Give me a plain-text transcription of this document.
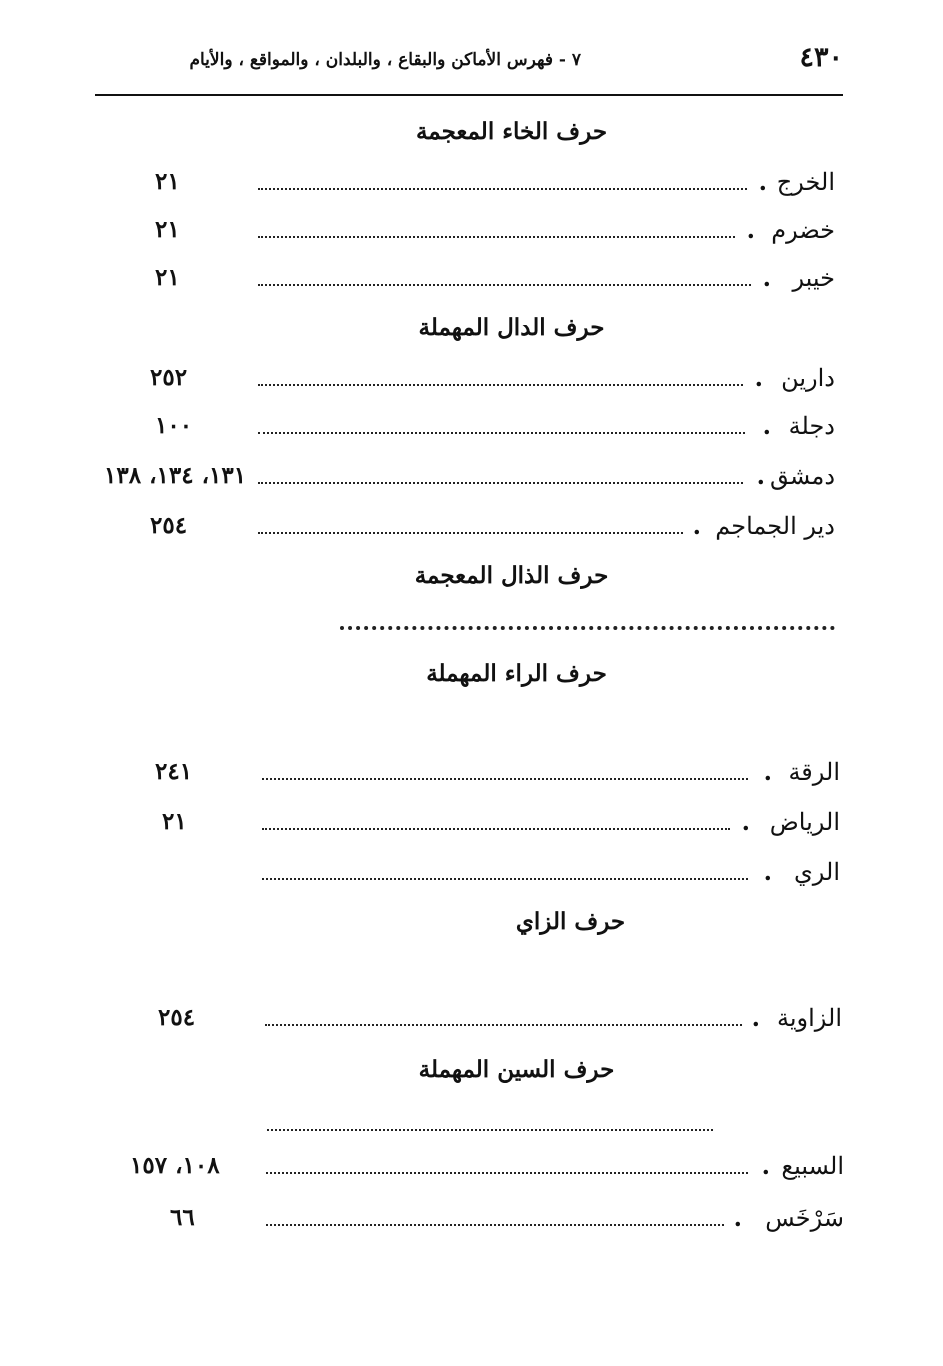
٧ - فهرس الأماكن والبقاع ، والبلدان ، والمواقع ، والأيام	٤٣٠
حرف الخاء المعجمة
الخرج
.
٢١
خضرم
.
٢١
خيبر
.
٢١
حرف الدال المهملة
دارين
.
٢٥٢
دجلة
.
١٠٠
دمشق
.
١٣١، ١٣٤، ١٣٨
دير الجماجم
.
٢٥٤
حرف الذال المعجمة
حرف الراء المهملة
الرقة
.
٢٤١
الرياض
.
٢١
الري
.
حرف الزاي
الزاوية
.
٢٥٤
حرف السين المهملة
السبيع
.
١٠٨، ١٥٧
سَرْخَس
.
٦٦
